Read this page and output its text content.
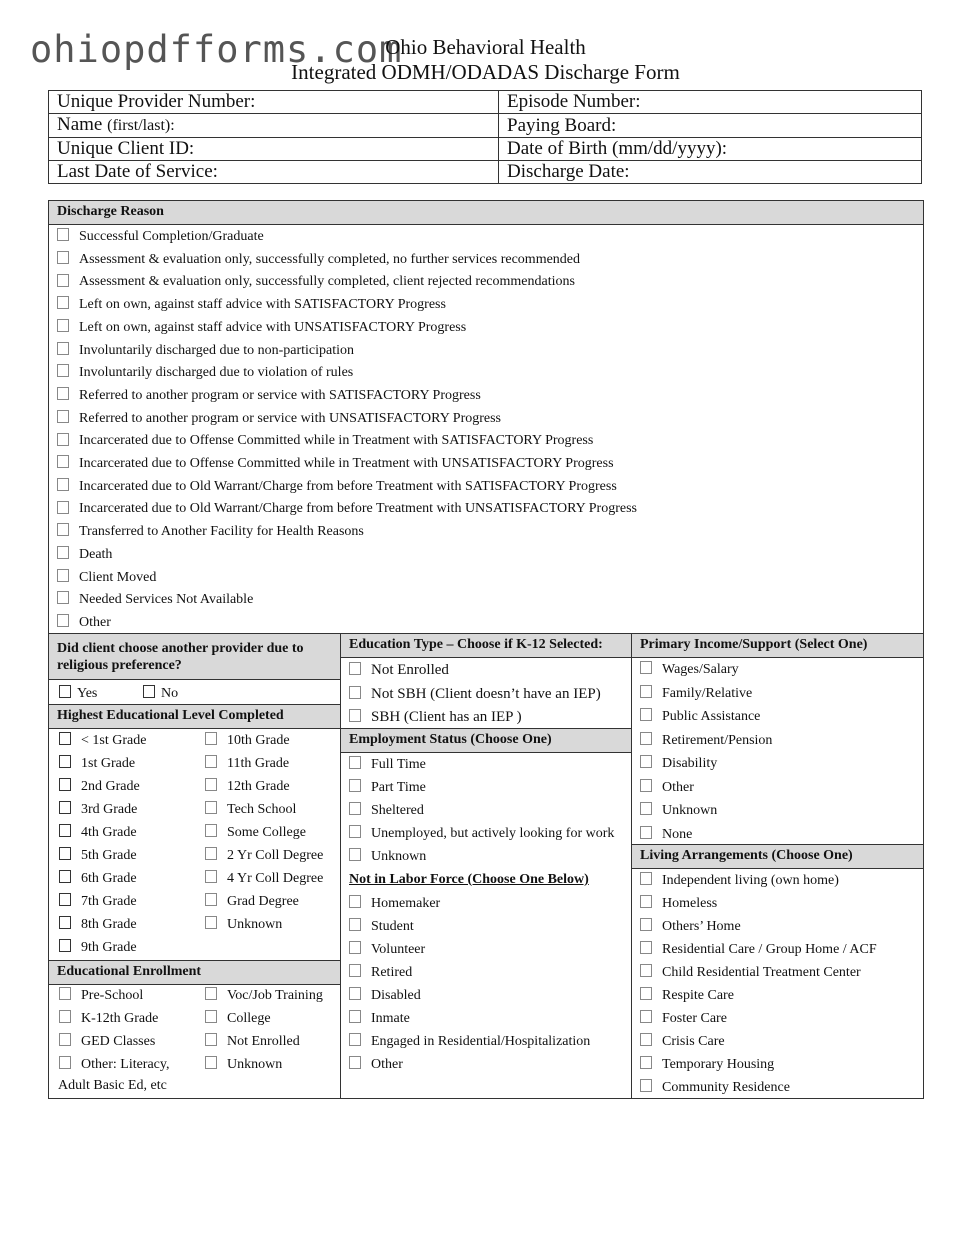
ohiopdfforms.com
Ohio Behavioral Health
Integrated ODMH/ODADAS Discharge Form
Unique Provider Number:	Episode Number:
Name (first/last):	Paying Board:
Unique Client ID:	Date of Birth (mm/dd/yyyy):
Last Date of Service:	Discharge Date:
Discharge Reason
Successful Completion/Graduate
Assessment & evaluation only, successfully completed, no further services recommended
Assessment & evaluation only, successfully completed, client rejected recommendations
Left on own, against staff advice with SATISFACTORY Progress
Left on own, against staff advice with UNSATISFACTORY Progress
Involuntarily discharged due to non-participation
Involuntarily discharged due to violation of rules
Referred to another program or service with SATISFACTORY Progress
Referred to another program or service with UNSATISFACTORY Progress
Incarcerated due to Offense Committed while in Treatment with SATISFACTORY Progress
Incarcerated due to Offense Committed while in Treatment with UNSATISFACTORY Progress
Incarcerated due to Old Warrant/Charge from before Treatment with SATISFACTORY Progress
Incarcerated due to Old Warrant/Charge from before Treatment with UNSATISFACTORY Progress
Transferred to Another Facility for Health Reasons
Death
Client Moved
Needed Services Not Available
Other
Did client choose another provider due to
religious preference?
Yes	No
Highest Educational Level Completed
< 1st Grade
1st Grade
2nd Grade
3rd Grade
4th Grade
5th Grade
6th Grade
7th Grade
8th Grade
9th Grade
10th Grade
11th Grade
12th Grade
Tech School
Some College
2 Yr Coll Degree
4 Yr Coll Degree
Grad Degree
Unknown
Educational Enrollment
Pre-School
K-12th Grade
GED Classes
Other: Literacy,
Voc/Job Training
College
Not Enrolled
Unknown
Adult Basic Ed, etc
Education Type – Choose if K-12 Selected:
Not Enrolled
Not SBH (Client doesn’t have an IEP)
SBH (Client has an IEP )
Employment Status (Choose One)
Full Time
Part Time
Sheltered
Unemployed, but actively looking for work
Unknown
Not in Labor Force (Choose One Below)
Homemaker
Student
Volunteer
Retired
Disabled
Inmate
Engaged in Residential/Hospitalization
Other
Primary Income/Support (Select One)
Wages/Salary
Family/Relative
Public Assistance
Retirement/Pension
Disability
Other
Unknown
None
Living Arrangements (Choose One)
Independent living (own home)
Homeless
Others’ Home
Residential Care / Group Home / ACF
Child Residential Treatment Center
Respite Care
Foster Care
Crisis Care
Temporary Housing
Community Residence
